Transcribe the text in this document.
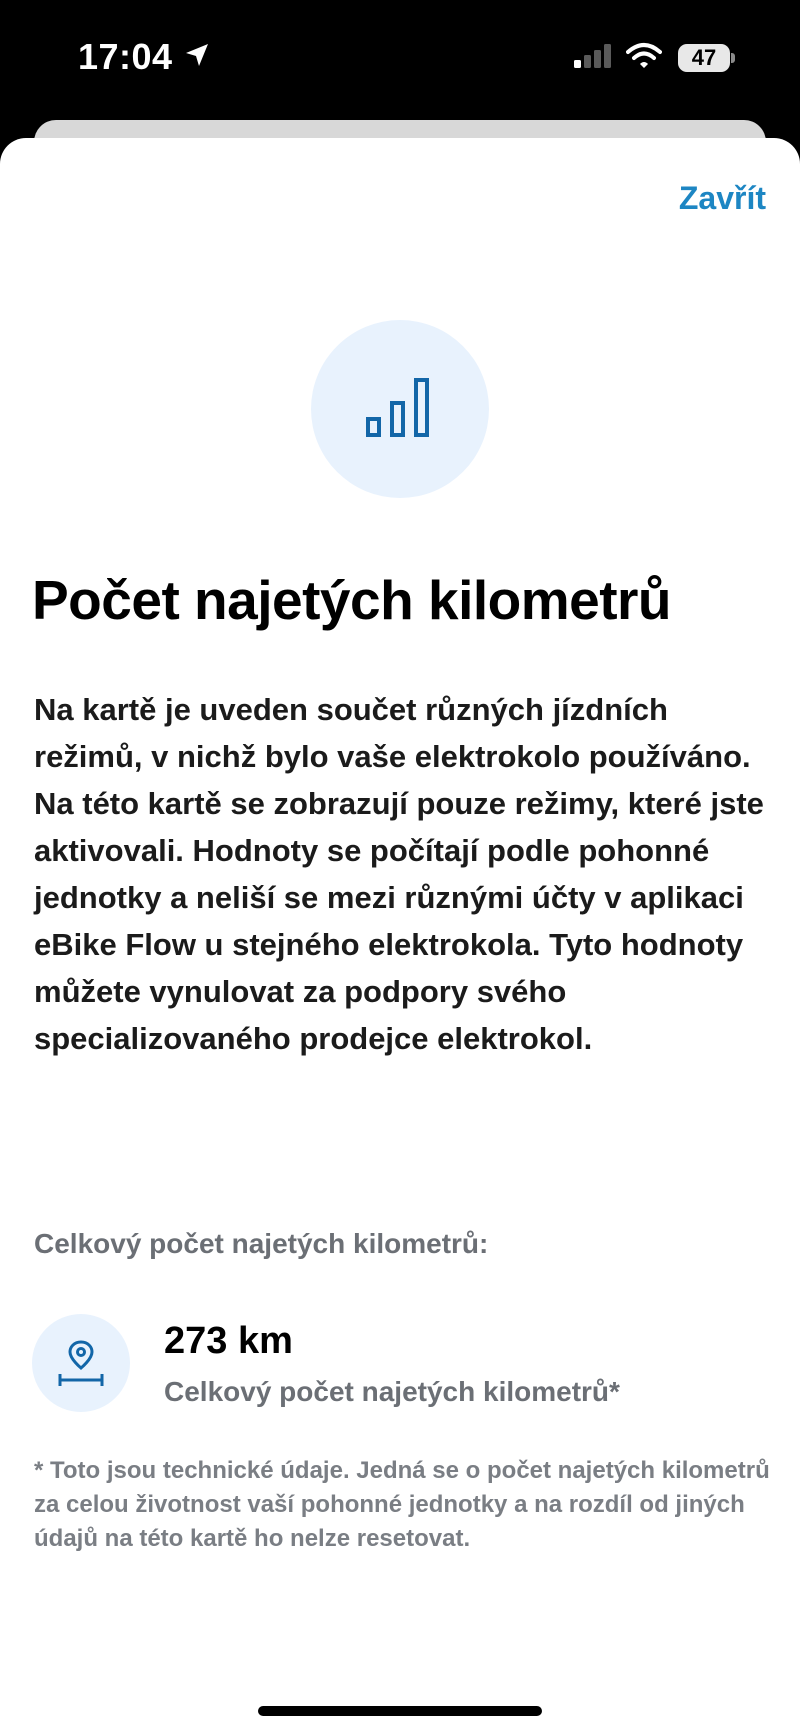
17:04	47
Zavřít
Počet najetých kilometrů
Na kartě je uveden součet různých jízdních režimů, v nichž bylo vaše elektrokolo používáno. Na této kartě se zobrazují pouze režimy, které jste aktivovali. Hodnoty se počítají podle pohonné jednotky a neliší se mezi různými účty v aplikaci eBike Flow u stejného elektrokola. Tyto hodnoty můžete vynulovat za podpory svého specializovaného prodejce elektrokol.
Celkový počet najetých kilometrů:
273 km
Celkový počet najetých kilometrů*
* Toto jsou technické údaje. Jedná se o počet najetých kilometrů za celou životnost vaší pohonné jednotky a na rozdíl od jiných údajů na této kartě ho nelze resetovat.
